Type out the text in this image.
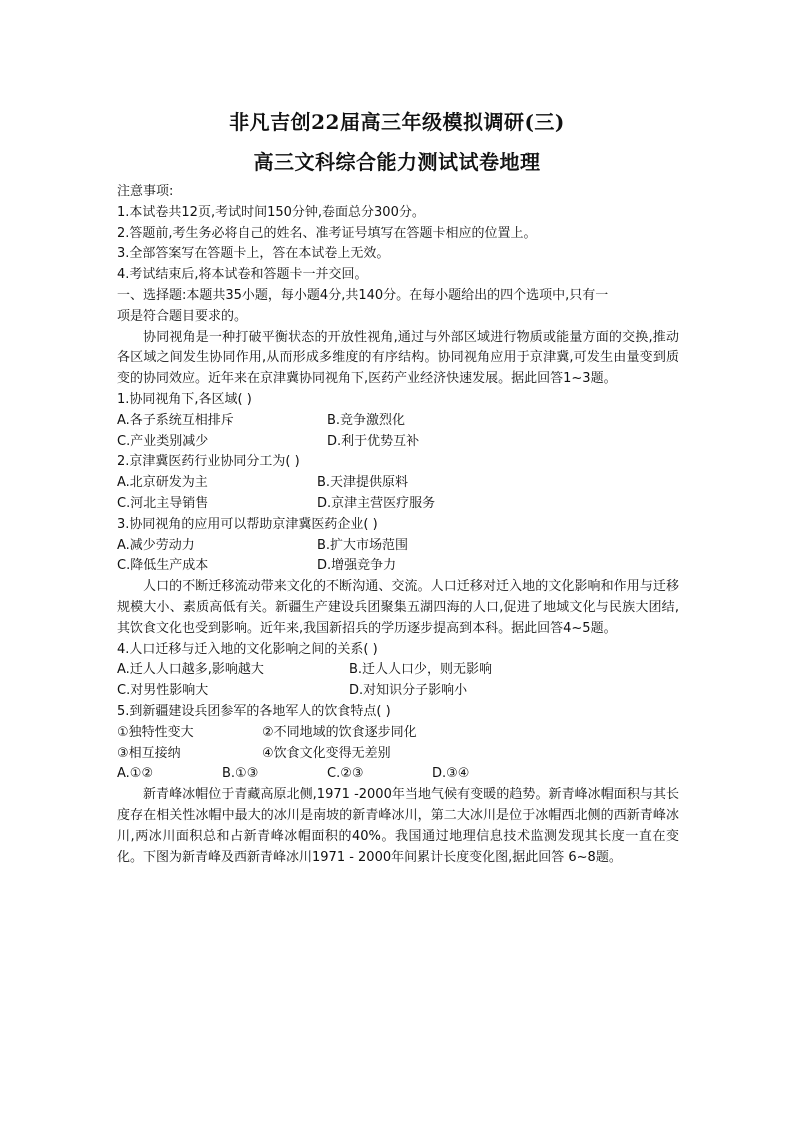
非凡吉创22届高三年级模拟调研(三)
高三文科综合能力测试试卷地理
注意事项:
1.本试卷共12页,考试时间150分钟,卷面总分300分。
2.答题前,考生务必将自己的姓名、准考证号填写在答题卡相应的位置上。
3.全部答案写在答题卡上，答在本试卷上无效。
4.考试结束后,将本试卷和答题卡一并交回。
一、选择题:本题共35小题，每小题4分,共140分。在每小题给出的四个选项中,只有一
项是符合题目要求的。
协同视角是一种打破平衡状态的开放性视角,通过与外部区域进行物质或能量方面的交换,推动各区域之间发生协同作用,从而形成多维度的有序结构。协同视角应用于京津冀,可发生由量变到质变的协同效应。近年来在京津冀协同视角下,医药产业经济快速发展。据此回答1~3题。
1.协同视角下,各区域( )
A.各子系统互相排斥	B.竞争激烈化
C.产业类别减少	D.利于优势互补
2.京津冀医药行业协同分工为( )
A.北京研发为主	B.天津提供原料
C.河北主导销售	D.京津主营医疗服务
3.协同视角的应用可以帮助京津冀医药企业( )
A.减少劳动力	B.扩大市场范围
C.降低生产成本	D.增强竞争力
人口的不断迁移流动带来文化的不断沟通、交流。人口迁移对迁入地的文化影响和作用与迁移规模大小、素质高低有关。新疆生产建设兵团聚集五湖四海的人口,促进了地域文化与民族大团结,其饮食文化也受到影响。近年来,我国新招兵的学历逐步提高到本科。据此回答4~5题。
4.人口迁移与迁入地的文化影响之间的关系( )
A.迁人人口越多,影响越大	B.迁人人口少，则无影响
C.对男性影响大	D.对知识分子影响小
5.到新疆建设兵团参军的各地军人的饮食特点( )
①独特性变大	②不同地域的饮食逐步同化
③相互接纳	④饮食文化变得无差别
A.①②	B.①③	C.②③	D.③④
新青峰冰帽位于青藏高原北侧,1971 -2000年当地气候有变暖的趋势。新青峰冰帽面积与其长度存在相关性冰帽中最大的冰川是南坡的新青峰冰川，第二大冰川是位于冰帽西北侧的西新青峰冰川,两冰川面积总和占新青峰冰帽面积的40%。我国通过地理信息技术监测发现其长度一直在变化。下图为新青峰及西新青峰冰川1971 - 2000年间累计长度变化图,据此回答 6~8题。
